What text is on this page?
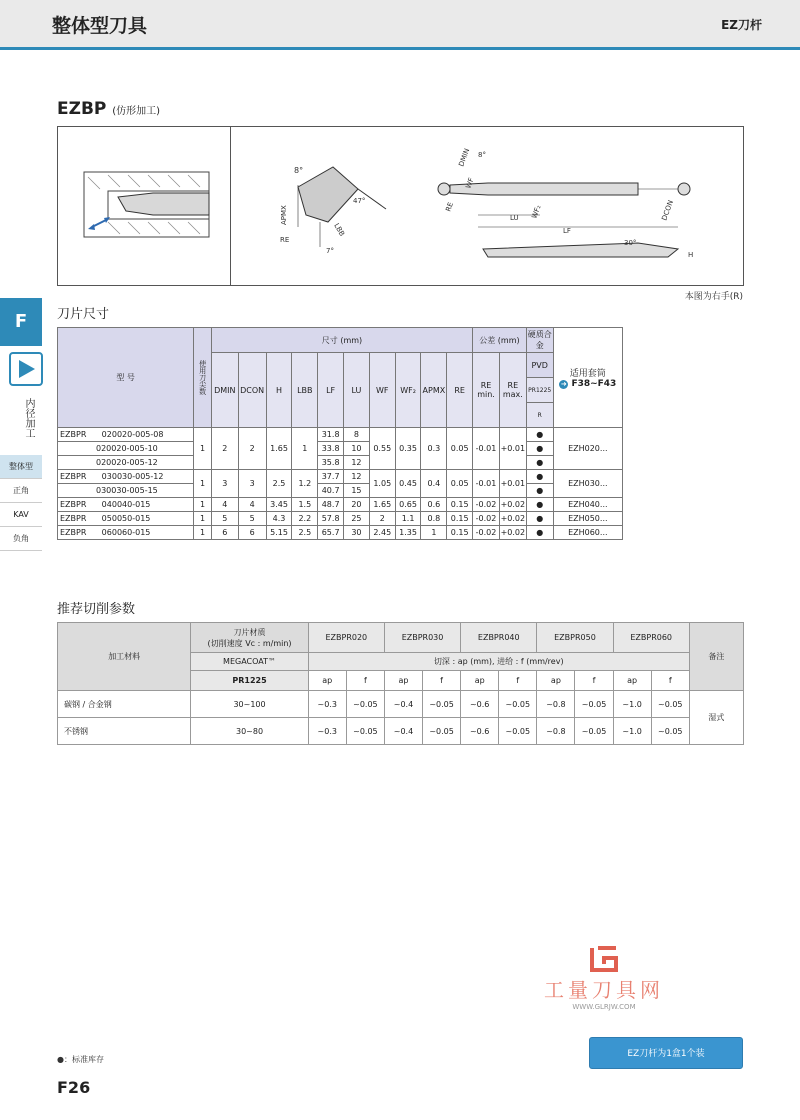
整体型刀具	EZ刀杆
EZBP (仿形加工)
8°
APMX
RE
47°
LBB
7°
DMIN 8°
WF
RE	WF₂
LU
LF
DCON
30°
H
本图为右手(R)
F
内径加工
整体型
正角
KAV
负角
刀片尺寸
型 号	使用刀尖数	尺寸 (mm)										公差 (mm)		硬质合金	适用套筒
➜ F38~F43

		DMIN	DCON	H	LBB	LF	LU	WF	WF₂	APMX	RE	RE min.	RE max.	PVD	
														PR1225	
														R	
EZBPR 020020-005-08	1	2	2	1.65	1	31.8	8	0.55	0.35	0.3	0.05	-0.01	+0.01	●	EZH020...
020020-005-10						33.8	10							●	
020020-005-12						35.8	12							●	
EZBPR 030030-005-12	1	3	3	2.5	1.2	37.7	12	1.05	0.45	0.4	0.05	-0.01	+0.01	●	EZH030...
030030-005-15						40.7	15							●	
EZBPR 040040-015	1	4	4	3.45	1.5	48.7	20	1.65	0.65	0.6	0.15	-0.02	+0.02	●	EZH040...
EZBPR 050050-015	1	5	5	4.3	2.2	57.8	25	2	1.1	0.8	0.15	-0.02	+0.02	●	EZH050...
EZBPR 060060-015	1	6	6	5.15	2.5	65.7	30	2.45	1.35	1	0.15	-0.02	+0.02	●	EZH060...
推荐切削参数
加工材料	刀片材质
(切削速度 Vc : m/min)	EZBPR020		EZBPR030		EZBPR040		EZBPR050		EZBPR060		备注
	MEGACOAT™	切深 : ap (mm), 进给 : f (mm/rev)										
	PR1225	ap	f	ap	f	ap	f	ap	f	ap	f	
碳钢 / 合金钢	30~100	~0.3	~0.05	~0.4	~0.05	~0.6	~0.05	~0.8	~0.05	~1.0	~0.05	湿式
不锈钢	30~80	~0.3	~0.05	~0.4	~0.05	~0.6	~0.05	~0.8	~0.05	~1.0	~0.05	
工量刀具网
WWW.GLRJW.COM
●：标准库存
EZ刀杆为1盒1个装
F26
